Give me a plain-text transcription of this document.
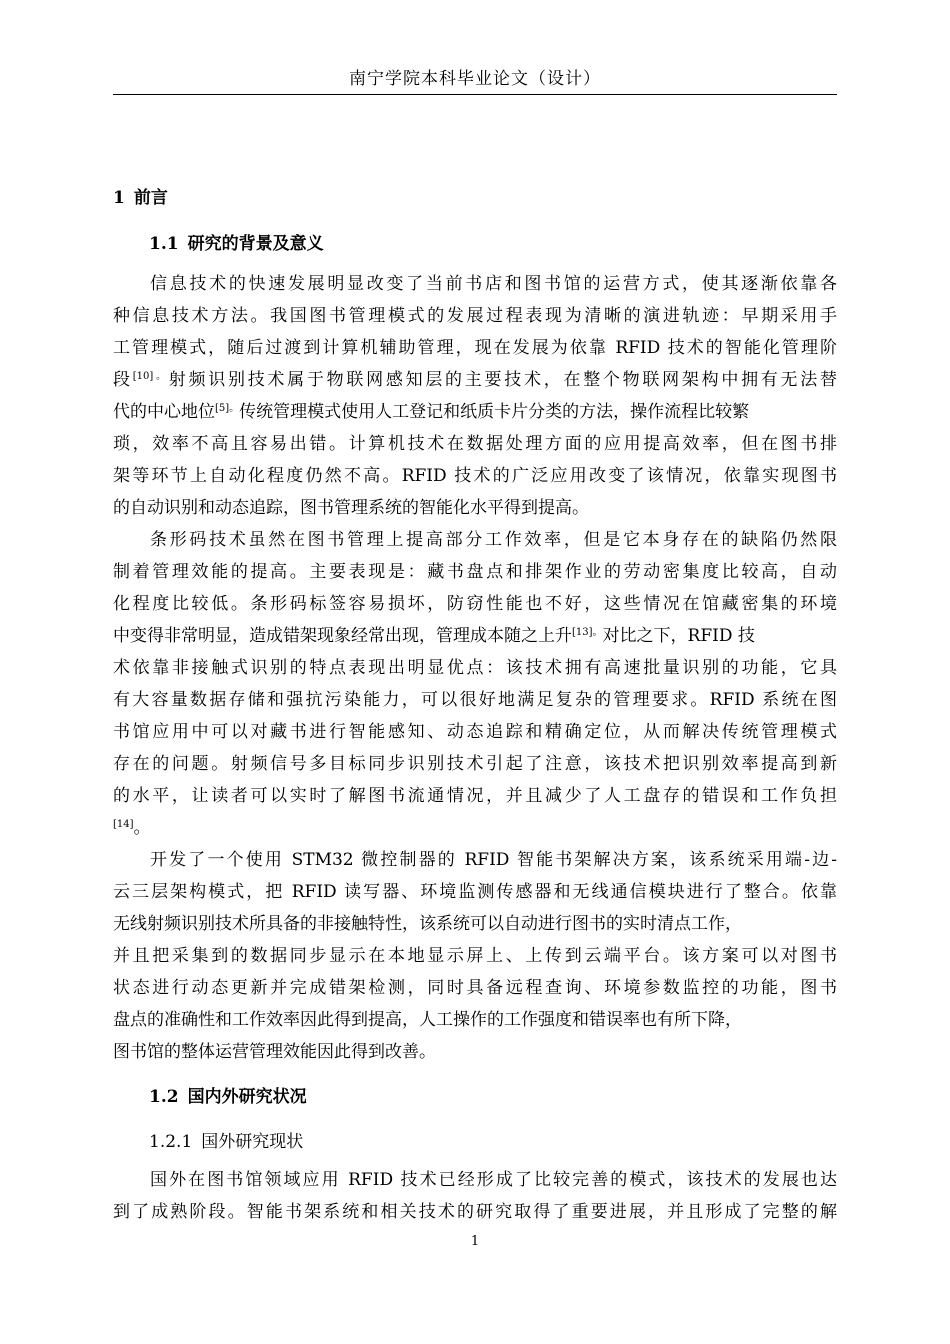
南宁学院本科毕业论文（设计）
1 前言
1.1 研究的背景及意义
信息技术的快速发展明显改变了当前书店和图书馆的运营方式，使其逐渐依靠各
种信息技术方法。我国图书管理模式的发展过程表现为清晰的演进轨迹：早期采用手
工管理模式，随后过渡到计算机辅助管理，现在发展为依靠 RFID 技术的智能化管理阶
段$^{[10]。}$射频识别技术属于物联网感知层的主要技术，在整个物联网架构中拥有无法替
代的中心地位$^{[5]。}$传统管理模式使用人工登记和纸质卡片分类的方法，操作流程比较繁
琐，效率不高且容易出错。计算机技术在数据处理方面的应用提高效率，但在图书排
架等环节上自动化程度仍然不高。RFID 技术的广泛应用改变了该情况，依靠实现图书
的自动识别和动态追踪，图书管理系统的智能化水平得到提高。
条形码技术虽然在图书管理上提高部分工作效率，但是它本身存在的缺陷仍然限
制着管理效能的提高。主要表现是：藏书盘点和排架作业的劳动密集度比较高，自动
化程度比较低。条形码标签容易损坏，防窃性能也不好，这些情况在馆藏密集的环境
中变得非常明显，造成错架现象经常出现，管理成本随之上升$^{[13]。}$对比之下，RFID 技
术依靠非接触式识别的特点表现出明显优点：该技术拥有高速批量识别的功能，它具
有大容量数据存储和强抗污染能力，可以很好地满足复杂的管理要求。RFID 系统在图
书馆应用中可以对藏书进行智能感知、动态追踪和精确定位，从而解决传统管理模式
存在的问题。射频信号多目标同步识别技术引起了注意，该技术把识别效率提高到新
的水平，让读者可以实时了解图书流通情况，并且减少了人工盘存的错误和工作负担
[14]。
开发了一个使用 STM32 微控制器的 RFID 智能书架解决方案，该系统采用端-边-
云三层架构模式，把 RFID 读写器、环境监测传感器和无线通信模块进行了整合。依靠
无线射频识别技术所具备的非接触特性，该系统可以自动进行图书的实时清点工作，
并且把采集到的数据同步显示在本地显示屏上、上传到云端平台。该方案可以对图书
状态进行动态更新并完成错架检测，同时具备远程查询、环境参数监控的功能，图书
盘点的准确性和工作效率因此得到提高，人工操作的工作强度和错误率也有所下降，
图书馆的整体运营管理效能因此得到改善。
1.2 国内外研究状况
1.2.1 国外研究现状
国外在图书馆领域应用 RFID 技术已经形成了比较完善的模式，该技术的发展也达
到了成熟阶段。智能书架系统和相关技术的研究取得了重要进展，并且形成了完整的解
1
